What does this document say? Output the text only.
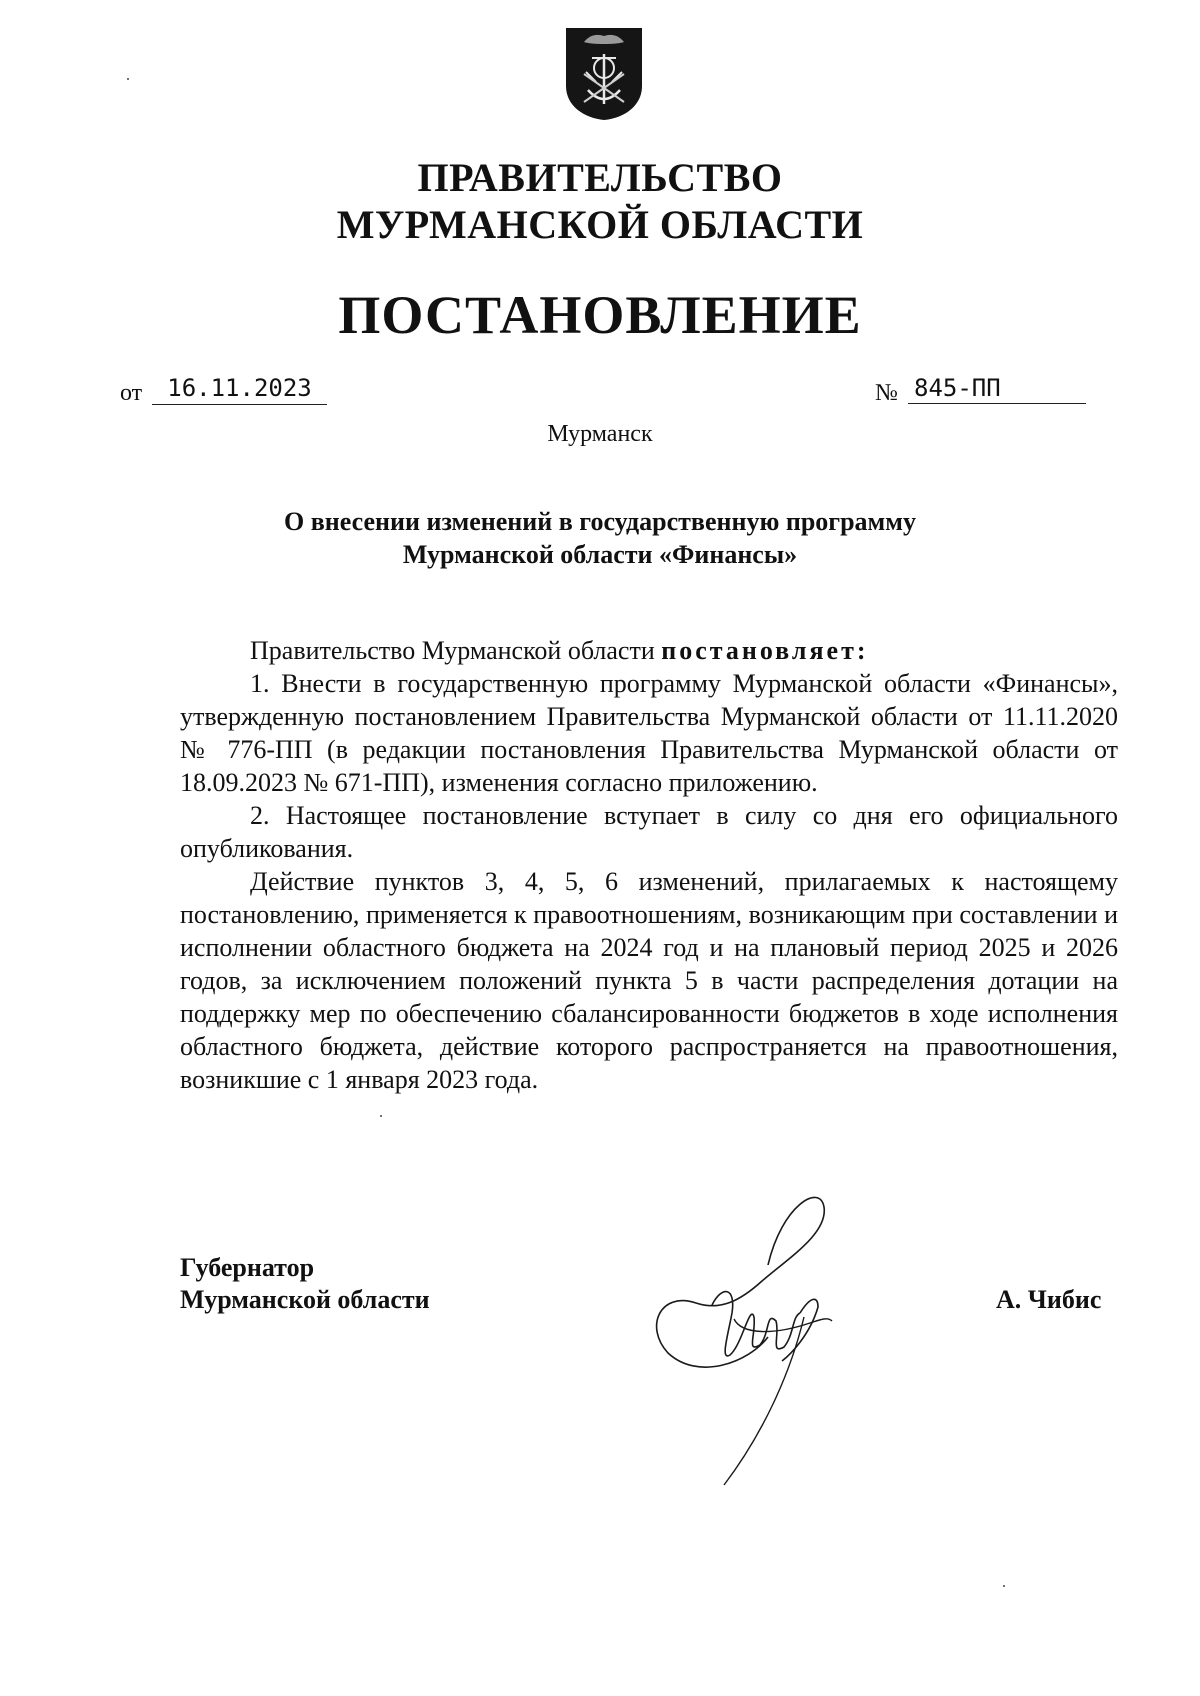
ПРАВИТЕЛЬСТВО
МУРМАНСКОЙ ОБЛАСТИ
ПОСТАНОВЛЕНИЕ
от	16.11.2023	№ 845-ПП
Мурманск
О внесении изменений в государственную программу
Мурманской области «Финансы»

Правительство Мурманской области постановляет:

1. Внести в государственную программу Мурманской области «Финансы», утвержденную постановлением Правительства Мурманской области от 11.11.2020 № 776-ПП (в редакции постановления Правительства Мурманской области от 18.09.2023 № 671-ПП), изменения согласно приложению.

2. Настоящее постановление вступает в силу со дня его официального опубликования.

Действие пунктов 3, 4, 5, 6 изменений, прилагаемых к настоящему постановлению, применяется к правоотношениям, возникающим при составлении и исполнении областного бюджета на 2024 год и на плановый период 2025 и 2026 годов, за исключением положений пункта 5 в части распределения дотации на поддержку мер по обеспечению сбалансированности бюджетов в ходе исполнения областного бюджета, действие которого распространяется на правоотношения, возникшие с 1 января 2023 года.

Губернатор
Мурманской области	А. Чибис
